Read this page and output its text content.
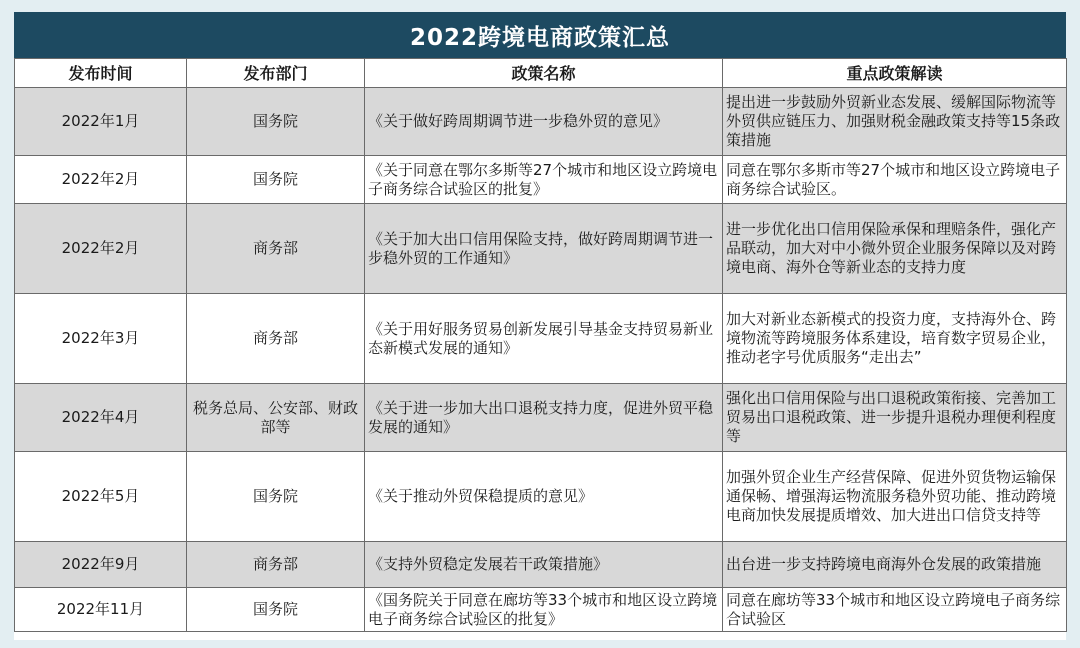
2022跨境电商政策汇总
发布时间	发布部门	政策名称	重点政策解读
2022年1月	国务院	《关于做好跨周期调节进一步稳外贸的意见》	提出进一步鼓励外贸新业态发展、缓解国际物流等外贸供应链压力、加强财税金融政策支持等15条政策措施
2022年2月	国务院	《关于同意在鄂尔多斯等27个城市和地区设立跨境电子商务综合试验区的批复》	同意在鄂尔多斯市等27个城市和地区设立跨境电子商务综合试验区。
2022年2月	商务部	《关于加大出口信用保险支持，做好跨周期调节进一步稳外贸的工作通知》	进一步优化出口信用保险承保和理赔条件，强化产品联动，加大对中小微外贸企业服务保障以及对跨境电商、海外仓等新业态的支持力度
2022年3月	商务部	《关于用好服务贸易创新发展引导基金支持贸易新业态新模式发展的通知》	加大对新业态新模式的投资力度，支持海外仓、跨境物流等跨境服务体系建设，培育数字贸易企业，推动老字号优质服务“走出去”
2022年4月	税务总局、公安部、财政部等	《关于进一步加大出口退税支持力度，促进外贸平稳发展的通知》	强化出口信用保险与出口退税政策衔接、完善加工贸易出口退税政策、进一步提升退税办理便利程度等
2022年5月	国务院	《关于推动外贸保稳提质的意见》	加强外贸企业生产经营保障、促进外贸货物运输保通保畅、增强海运物流服务稳外贸功能、推动跨境电商加快发展提质增效、加大进出口信贷支持等
2022年9月	商务部	《支持外贸稳定发展若干政策措施》	出台进一步支持跨境电商海外仓发展的政策措施
2022年11月	国务院	《国务院关于同意在廊坊等33个城市和地区设立跨境电子商务综合试验区的批复》	同意在廊坊等33个城市和地区设立跨境电子商务综合试验区
